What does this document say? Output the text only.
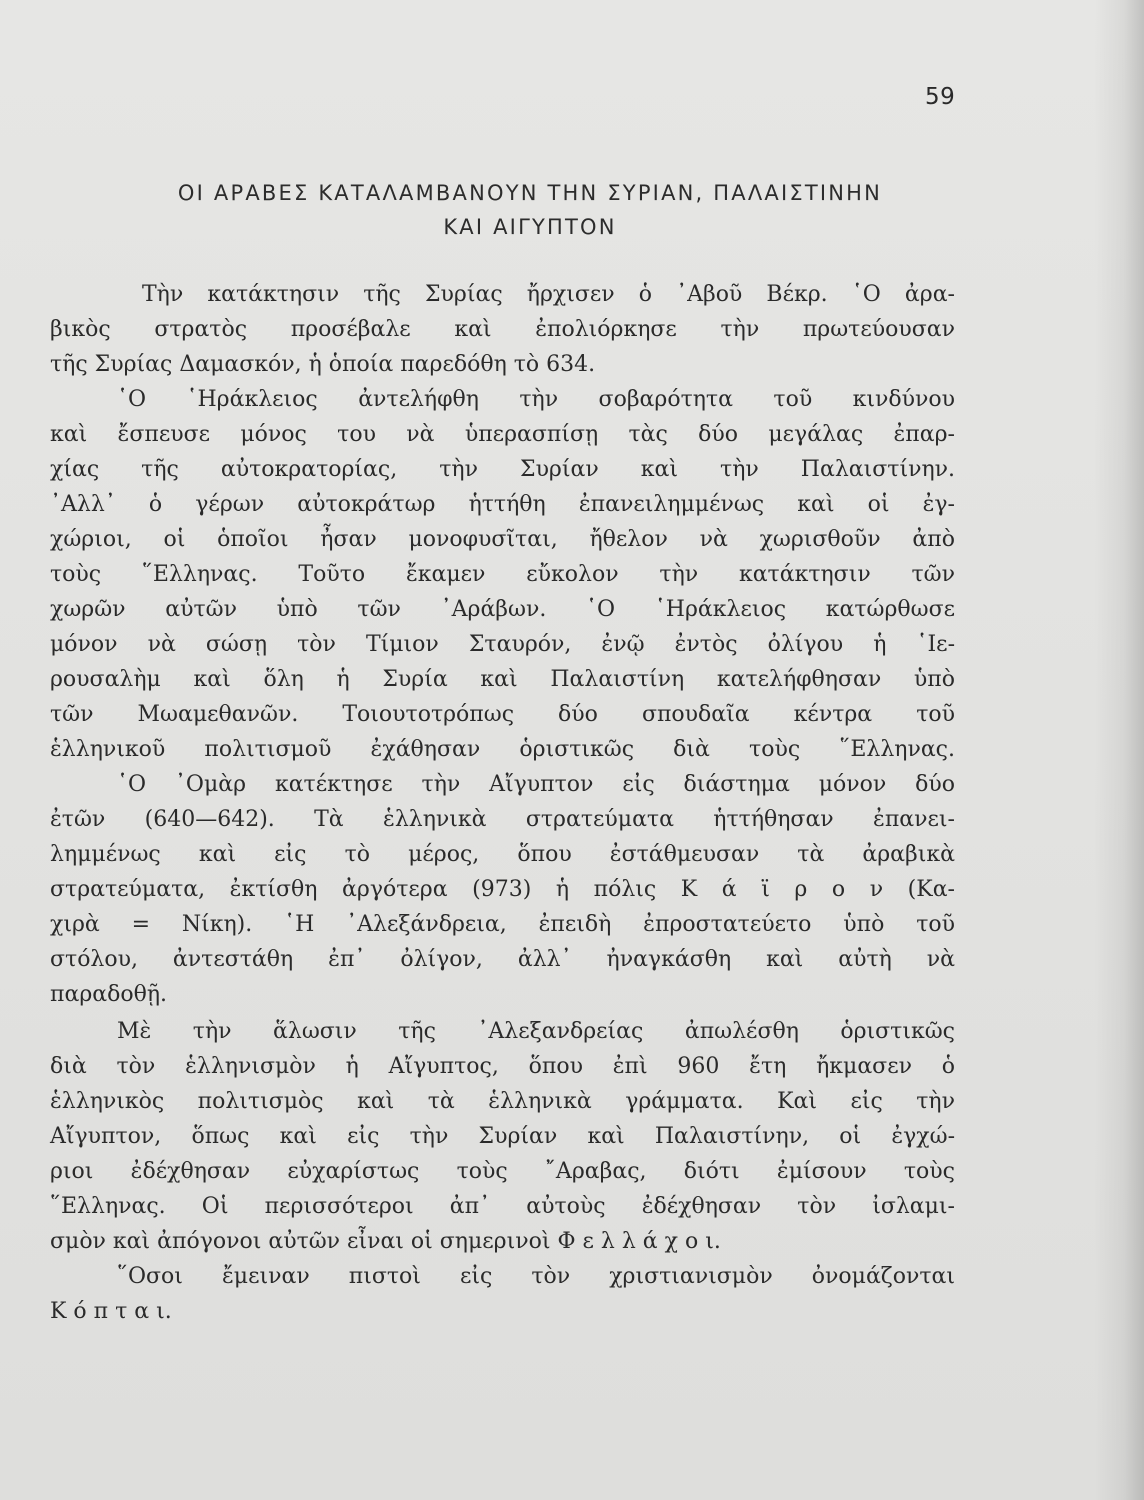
59
ΟΙ ΑΡΑΒΕΣ ΚΑΤΑΛΑΜΒΑΝΟΥΝ ΤΗΝ ΣΥΡΙΑΝ, ΠΑΛΑΙΣΤΙΝΗΝ
ΚΑΙ ΑΙΓΥΠΤΟΝ
Τὴν κατάκτησιν τῆς Συρίας ἤρχισεν ὁ ᾿Αβοῦ Βέκρ. ῾Ο ἀρα-
βικὸς στρατὸς προσέβαλε καὶ ἐπολιόρκησε τὴν πρωτεύουσαν
τῆς Συρίας Δαμασκόν, ἡ ὁποία παρεδόθη τὸ 634.
῾Ο ῾Ηράκλειος ἀντελήφθη τὴν σοβαρότητα τοῦ κινδύνου
καὶ ἔσπευσε μόνος του νὰ ὑπερασπίσῃ τὰς δύο μεγάλας ἐπαρ-
χίας τῆς αὐτοκρατορίας, τὴν Συρίαν καὶ τὴν Παλαιστίνην.
᾿Αλλ᾿ ὁ γέρων αὐτοκράτωρ ἡττήθη ἐπανειλημμένως καὶ οἱ ἐγ-
χώριοι, οἱ ὁποῖοι ἦσαν μονοφυσῖται, ἤθελον νὰ χωρισθοῦν ἀπὸ
τοὺς ῞Ελληνας. Τοῦτο ἔκαμεν εὔκολον τὴν κατάκτησιν τῶν
χωρῶν αὐτῶν ὑπὸ τῶν ᾿Αράβων. ῾Ο ῾Ηράκλειος κατώρθωσε
μόνον νὰ σώσῃ τὸν Τίμιον Σταυρόν, ἐνῷ ἐντὸς ὀλίγου ἡ ῾Ιε-
ρουσαλὴμ καὶ ὅλη ἡ Συρία καὶ Παλαιστίνη κατελήφθησαν ὑπὸ
τῶν Μωαμεθανῶν. Τοιουτοτρόπως δύο σπουδαῖα κέντρα τοῦ
ἑλληνικοῦ πολιτισμοῦ ἐχάθησαν ὁριστικῶς διὰ τοὺς ῞Ελληνας.
῾Ο ᾿Ομὰρ κατέκτησε τὴν Αἴγυπτον εἰς διάστημα μόνον δύο
ἐτῶν (640—642). Τὰ ἑλληνικὰ στρατεύματα ἡττήθησαν ἐπανει-
λημμένως καὶ εἰς τὸ μέρος, ὅπου ἐστάθμευσαν τὰ ἀραβικὰ
στρατεύματα, ἐκτίσθη ἀργότερα (973) ἡ πόλις Κ ά ϊ ρ ο ν (Κα-
χιρὰ = Νίκη). ῾Η ᾿Αλεξάνδρεια, ἐπειδὴ ἐπροστατεύετο ὑπὸ τοῦ
στόλου, ἀντεστάθη ἐπ᾿ ὀλίγον, ἀλλ᾿ ἠναγκάσθη καὶ αὐτὴ νὰ
παραδοθῇ.
Μὲ τὴν ἅλωσιν τῆς ᾿Αλεξανδρείας ἀπωλέσθη ὁριστικῶς
διὰ τὸν ἑλληνισμὸν ἡ Αἴγυπτος, ὅπου ἐπὶ 960 ἔτη ἤκμασεν ὁ
ἑλληνικὸς πολιτισμὸς καὶ τὰ ἑλληνικὰ γράμματα. Καὶ εἰς τὴν
Αἴγυπτον, ὅπως καὶ εἰς τὴν Συρίαν καὶ Παλαιστίνην, οἱ ἐγχώ-
ριοι ἐδέχθησαν εὐχαρίστως τοὺς ῎Αραβας, διότι ἐμίσουν τοὺς
῞Ελληνας. Οἱ περισσότεροι ἀπ᾿ αὐτοὺς ἐδέχθησαν τὸν ἰσλαμι-
σμὸν καὶ ἀπόγονοι αὐτῶν εἶναι οἱ σημερινοὶ Φ ε λ λ ά χ ο ι.
῞Οσοι ἔμειναν πιστοὶ εἰς τὸν χριστιανισμὸν ὀνομάζονται
Κ ό π τ α ι.
